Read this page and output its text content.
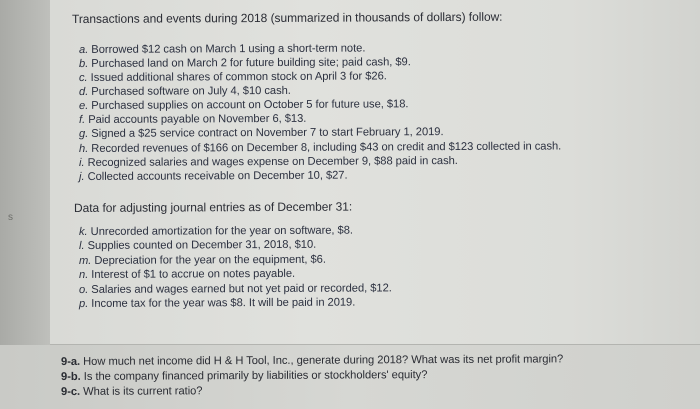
s
Transactions and events during 2018 (summarized in thousands of dollars) follow:
a. Borrowed $12 cash on March 1 using a short-term note.
b. Purchased land on March 2 for future building site; paid cash, $9.
c. Issued additional shares of common stock on April 3 for $26.
d. Purchased software on July 4, $10 cash.
e. Purchased supplies on account on October 5 for future use, $18.
f. Paid accounts payable on November 6, $13.
g. Signed a $25 service contract on November 7 to start February 1, 2019.
h. Recorded revenues of $166 on December 8, including $43 on credit and $123 collected in cash.
i. Recognized salaries and wages expense on December 9, $88 paid in cash.
j. Collected accounts receivable on December 10, $27.
Data for adjusting journal entries as of December 31:
k. Unrecorded amortization for the year on software, $8.
l. Supplies counted on December 31, 2018, $10.
m. Depreciation for the year on the equipment, $6.
n. Interest of $1 to accrue on notes payable.
o. Salaries and wages earned but not yet paid or recorded, $12.
p. Income tax for the year was $8. It will be paid in 2019.
9-a. How much net income did H & H Tool, Inc., generate during 2018? What was its net profit margin?
9-b. Is the company financed primarily by liabilities or stockholders' equity?
9-c. What is its current ratio?
